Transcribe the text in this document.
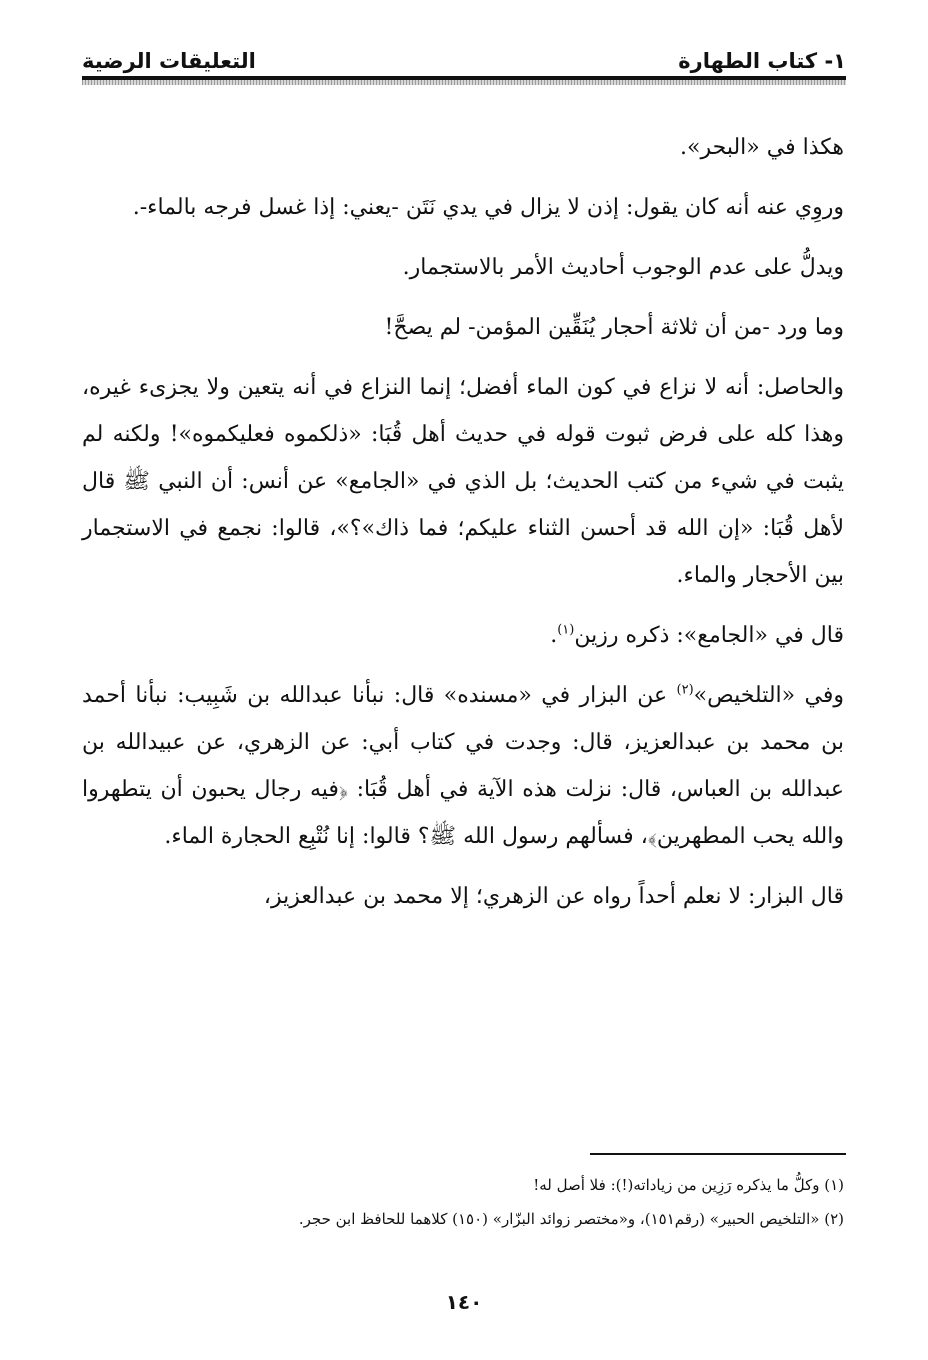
١- كتاب الطهارة
التعليقات الرضية

هكذا في «البحر».

وروِي عنه أنه كان يقول: إذن لا يزال في يدي نَتَن -يعني: إذا غسل فرجه بالماء-.

ويدلُّ على عدم الوجوب أحاديث الأمر بالاستجمار.

وما ورد -من أن ثلاثة أحجار يُنَقِّين المؤمن- لم يصحَّ!

والحاصل: أنه لا نزاع في كون الماء أفضل؛ إنما النزاع في أنه يتعين ولا يجزىء غيره، وهذا كله على فرض ثبوت قوله في حديث أهل قُبَا: «ذلكموه فعليكموه»! ولكنه لم يثبت في شيء من كتب الحديث؛ بل الذي في «الجامع» عن أنس: أن النبي ﷺ قال لأهل قُبَا: «إن الله قد أحسن الثناء عليكم؛ فما ذاك»؟»، قالوا: نجمع في الاستجمار بين الأحجار والماء.

قال في «الجامع»: ذكره رزين$^{(١)}$.

وفي «التلخيص»$^{(٢)}$ عن البزار في «مسنده» قال: نبأنا عبدالله بن شَبِيب: نبأنا أحمد بن محمد بن عبدالعزيز، قال: وجدت في كتاب أبي: عن الزهري، عن عبيدالله بن عبدالله بن العباس، قال: نزلت هذه الآية في أهل قُبَا: ﴿فيه رجال يحبون أن يتطهروا والله يحب المطهرين﴾، فسألهم رسول الله ﷺ؟ قالوا: إنا نُتْبِع الحجارة الماء.

قال البزار: لا نعلم أحداً رواه عن الزهري؛ إلا محمد بن عبدالعزيز،

(١) وكلُّ ما يذكره رَزِين من زياداته(!): فلا أصل له!

(٢) «التلخيص الحبير» (رقم١٥١)، و«مختصر زوائد البزّار» (١٥٠) كلاهما للحافظ ابن حجر.

١٤٠
